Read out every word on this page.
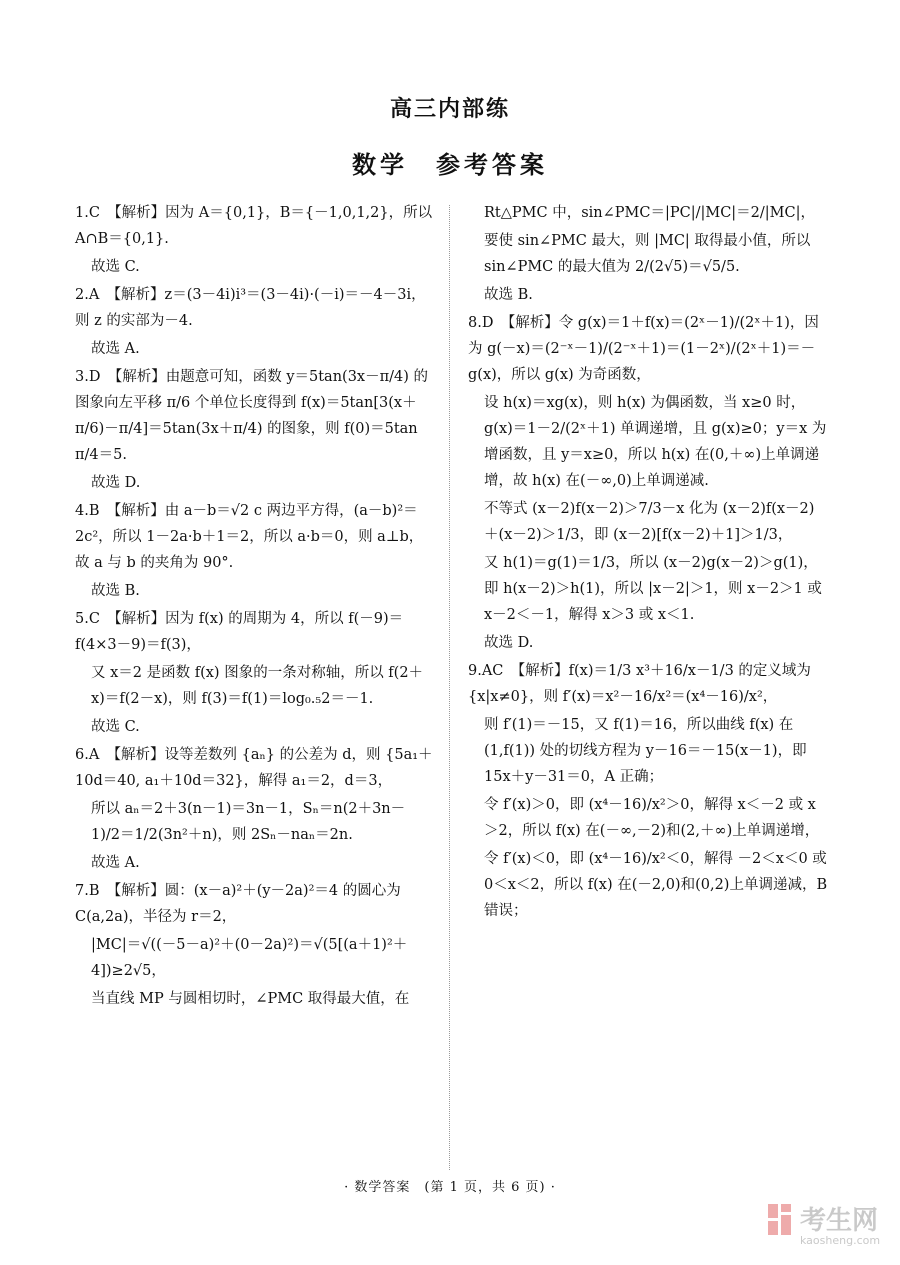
高三内部练
数学　参考答案

1.C　【解析】因为 A＝{0,1}，B＝{－1,0,1,2}，所以 A∩B＝{0,1}.

故选 C.

2.A　【解析】z＝(3－4i)i³＝(3－4i)·(－i)＝－4－3i，则 z 的实部为－4.

故选 A.

3.D　【解析】由题意可知，函数 y＝5tan(3x－π/4) 的图象向左平移 π/6 个单位长度得到 f(x)＝5tan[3(x＋π/6)－π/4]＝5tan(3x＋π/4) 的图象，则 f(0)＝5tan π/4＝5.

故选 D.

4.B　【解析】由 a－b＝√2 c 两边平方得，(a－b)²＝2c²，所以 1－2a·b＋1＝2，所以 a·b＝0，则 a⊥b，故 a 与 b 的夹角为 90°.

故选 B.

5.C　【解析】因为 f(x) 的周期为 4，所以 f(－9)＝f(4×3－9)＝f(3)，

又 x＝2 是函数 f(x) 图象的一条对称轴，所以 f(2＋x)＝f(2－x)，则 f(3)＝f(1)＝log₀.₅2＝－1.

故选 C.

6.A　【解析】设等差数列 {aₙ} 的公差为 d，则 {5a₁＋10d＝40, a₁＋10d＝32}，解得 a₁＝2，d＝3，

所以 aₙ＝2＋3(n－1)＝3n－1，Sₙ＝n(2＋3n－1)/2＝1/2(3n²＋n)，则 2Sₙ－naₙ＝2n.

故选 A.

7.B　【解析】圆：(x－a)²＋(y－2a)²＝4 的圆心为 C(a,2a)，半径为 r＝2，

|MC|＝√((－5－a)²＋(0－2a)²)＝√(5[(a＋1)²＋4])≥2√5，

当直线 MP 与圆相切时，∠PMC 取得最大值，在

Rt△PMC 中，sin∠PMC＝|PC|/|MC|＝2/|MC|，

要使 sin∠PMC 最大，则 |MC| 取得最小值，所以 sin∠PMC 的最大值为 2/(2√5)＝√5/5.

故选 B.

8.D　【解析】令 g(x)＝1＋f(x)＝(2ˣ－1)/(2ˣ＋1)，因为 g(－x)＝(2⁻ˣ－1)/(2⁻ˣ＋1)＝(1－2ˣ)/(2ˣ＋1)＝－g(x)，所以 g(x) 为奇函数，

设 h(x)＝xg(x)，则 h(x) 为偶函数，当 x≥0 时，g(x)＝1－2/(2ˣ＋1) 单调递增，且 g(x)≥0；y＝x 为增函数，且 y＝x≥0，所以 h(x) 在(0,＋∞)上单调递增，故 h(x) 在(－∞,0)上单调递减.

不等式 (x－2)f(x－2)＞7/3－x 化为 (x－2)f(x－2)＋(x－2)＞1/3，即 (x－2)[f(x－2)＋1]＞1/3，

又 h(1)＝g(1)＝1/3，所以 (x－2)g(x－2)＞g(1)，即 h(x－2)＞h(1)，所以 |x－2|＞1，则 x－2＞1 或 x－2＜－1，解得 x＞3 或 x＜1.

故选 D.

9.AC　【解析】f(x)＝1/3 x³＋16/x－1/3 的定义域为 {x|x≠0}，则 f′(x)＝x²－16/x²＝(x⁴－16)/x²，

则 f′(1)＝－15，又 f(1)＝16，所以曲线 f(x) 在 (1,f(1)) 处的切线方程为 y－16＝－15(x－1)，即 15x＋y－31＝0，A 正确；

令 f′(x)＞0，即 (x⁴－16)/x²＞0，解得 x＜－2 或 x＞2，所以 f(x) 在(－∞,－2)和(2,＋∞)上单调递增，

令 f′(x)＜0，即 (x⁴－16)/x²＜0，解得 －2＜x＜0 或 0＜x＜2，所以 f(x) 在(－2,0)和(0,2)上单调递减，B 错误；

· 数学答案　(第 1 页，共 6 页) ·
考生网
kaosheng.com
